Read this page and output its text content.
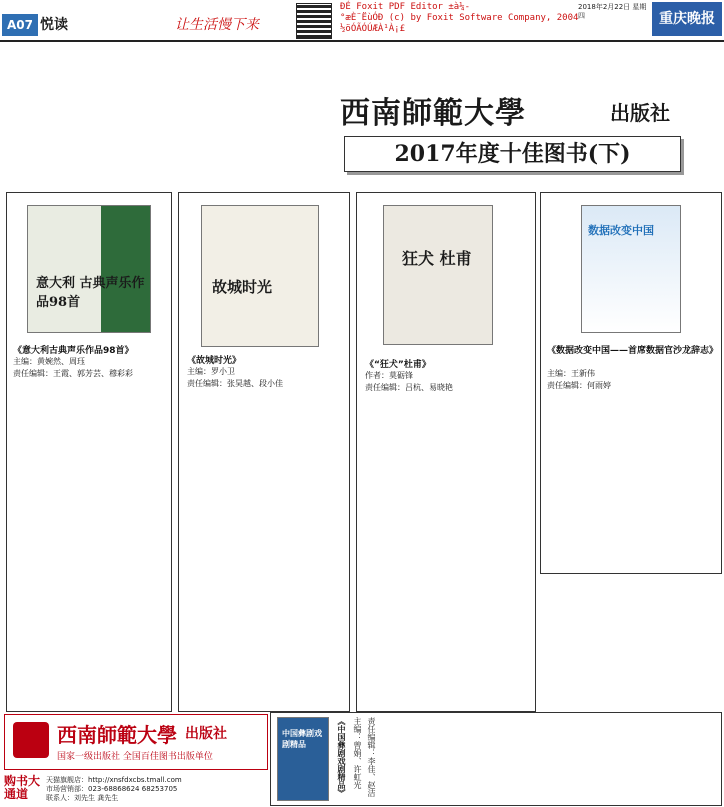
A07 悦读	让生活慢下来
ÐÉ Foxit PDF Editor ±à¼-
°æÈ¨ËùÓÐ (c) by Foxit Software Company, 2004
½öÓÃÓÚÆÀ¹À¡£
2018年2月22日 星期四	重庆晚报
西南師範大學	出版社
2017年度十佳图书(下)
意大利 古典声乐作品98首
《意大利古典声乐作品98首》
主编：黄婉然、周珏
责任编辑：王霞、郭芳芸、穆彩彩
故城时光
《故城时光》
主编：罗小卫
责任编辑：张昊越、段小佳
狂犬 杜甫
《“狂犬”杜甫》
作者：莫砺锋
责任编辑：吕杭、易晓艳
数据改变中国
《数据改变中国——首席数据官沙龙辞志》
主编：王新伟
责任编辑：何雨婷
中国彝剧戏剧精品	《中国彝剧戏剧精品》 主编：曾娟、许虹光 责任编辑：李佳、赵洁
西南師範大學 出版社
国家一级出版社 全国百佳图书出版单位
购书大通道
天猫旗舰店：http://xnsfdxcbs.tmall.com
市场营销部：023-68868624 68253705
联系人：刘先生 龚先生
